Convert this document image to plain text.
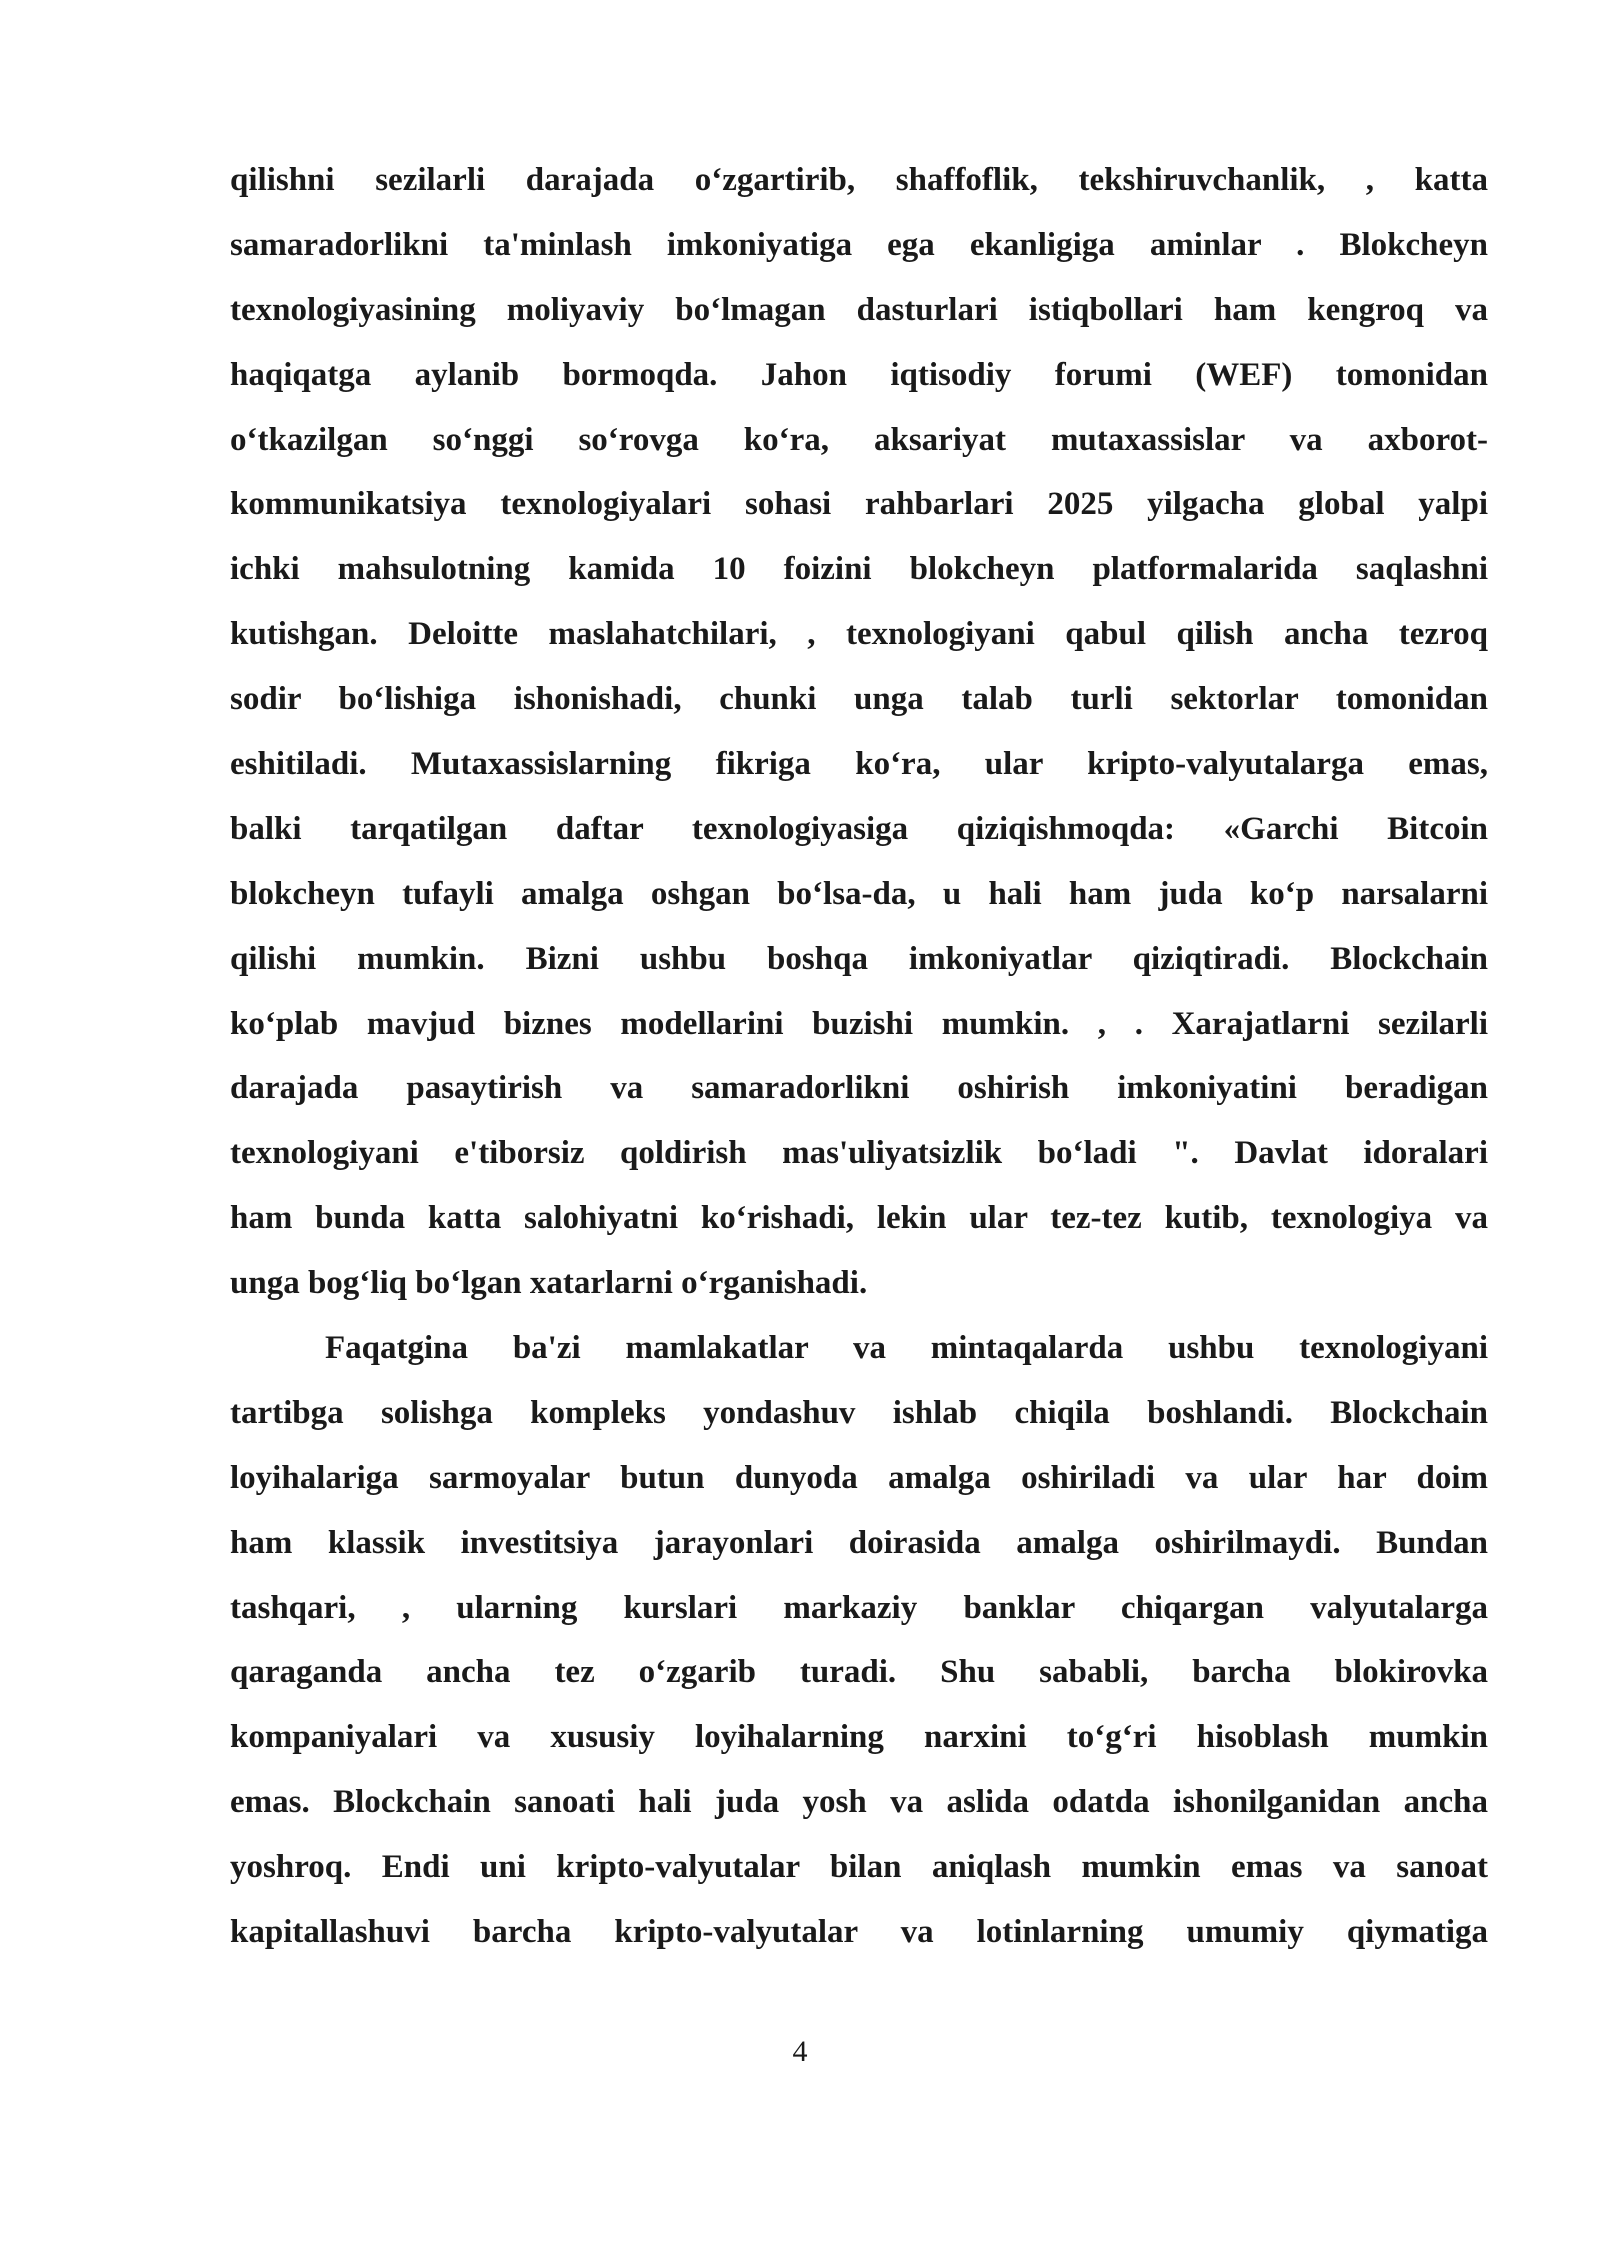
qilishni sezilarli darajada o‘zgartirib, shaffoflik, tekshiruvchanlik, , katta
samaradorlikni ta'minlash imkoniyatiga ega ekanligiga aminlar . Blokcheyn
texnologiyasining moliyaviy bo‘lmagan dasturlari istiqbollari ham kengroq va
haqiqatga aylanib bormoqda. Jahon iqtisodiy forumi (WEF) tomonidan
o‘tkazilgan so‘nggi so‘rovga ko‘ra, aksariyat mutaxassislar va axborot-
kommunikatsiya texnologiyalari sohasi rahbarlari 2025 yilgacha global yalpi
ichki mahsulotning kamida 10 foizini blokcheyn platformalarida saqlashni
kutishgan. Deloitte maslahatchilari, , texnologiyani qabul qilish ancha tezroq
sodir bo‘lishiga ishonishadi, chunki unga talab turli sektorlar tomonidan
eshitiladi. Mutaxassislarning fikriga ko‘ra, ular kripto-valyutalarga emas,
balki tarqatilgan daftar texnologiyasiga qiziqishmoqda: «Garchi Bitcoin
blokcheyn tufayli amalga oshgan bo‘lsa-da, u hali ham juda ko‘p narsalarni
qilishi mumkin. Bizni ushbu boshqa imkoniyatlar qiziqtiradi. Blockchain
ko‘plab mavjud biznes modellarini buzishi mumkin. , . Xarajatlarni sezilarli
darajada pasaytirish va samaradorlikni oshirish imkoniyatini beradigan
texnologiyani e'tiborsiz qoldirish mas'uliyatsizlik bo‘ladi ". Davlat idoralari
ham bunda katta salohiyatni ko‘rishadi, lekin ular tez-tez kutib, texnologiya va
unga bog‘liq bo‘lgan xatarlarni o‘rganishadi.
Faqatgina ba'zi mamlakatlar va mintaqalarda ushbu texnologiyani
tartibga solishga kompleks yondashuv ishlab chiqila boshlandi. Blockchain
loyihalariga sarmoyalar butun dunyoda amalga oshiriladi va ular har doim
ham klassik investitsiya jarayonlari doirasida amalga oshirilmaydi. Bundan
tashqari, , ularning kurslari markaziy banklar chiqargan valyutalarga
qaraganda ancha tez o‘zgarib turadi. Shu sababli, barcha blokirovka
kompaniyalari va xususiy loyihalarning narxini to‘g‘ri hisoblash mumkin
emas. Blockchain sanoati hali juda yosh va aslida odatda ishonilganidan ancha
yoshroq. Endi uni kripto-valyutalar bilan aniqlash mumkin emas va sanoat
kapitallashuvi barcha kripto-valyutalar va lotinlarning umumiy qiymatiga
4
